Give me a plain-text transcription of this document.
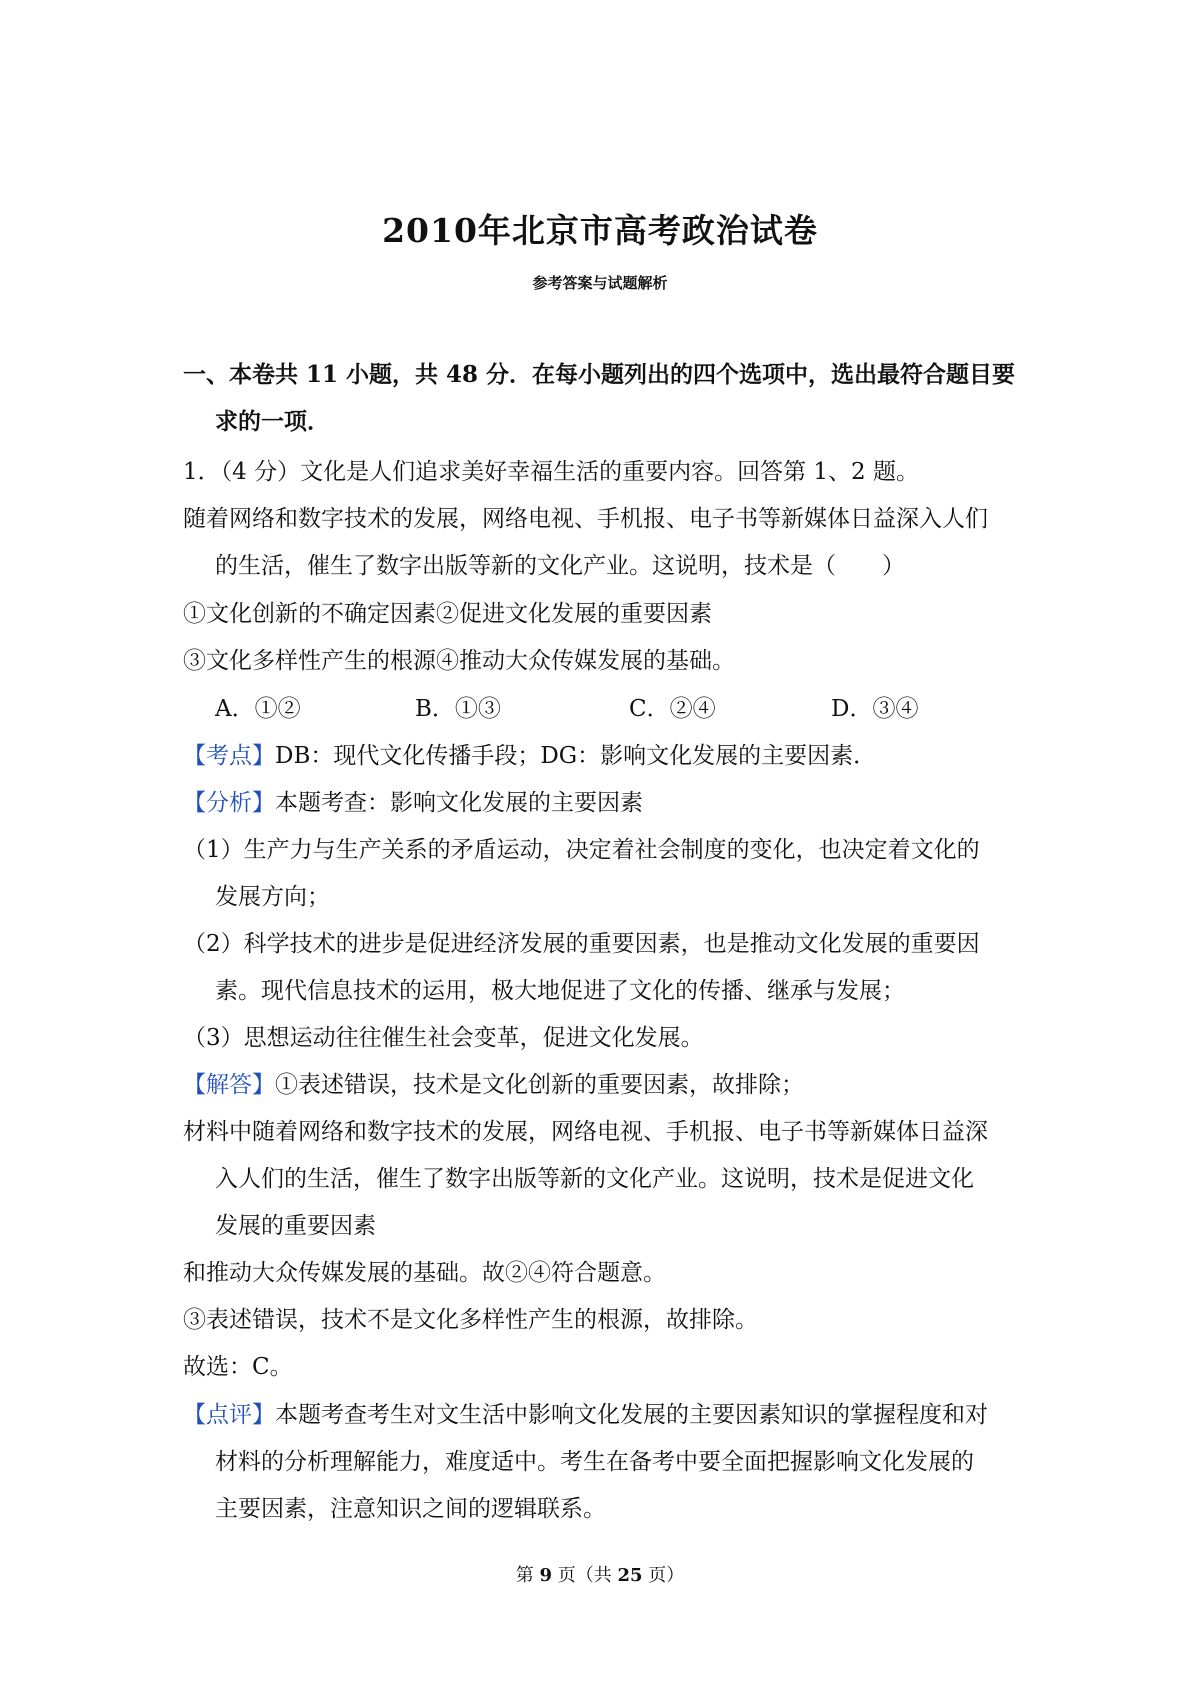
2010年北京市高考政治试卷
参考答案与试题解析
一、本卷共 11 小题，共 48 分．在每小题列出的四个选项中，选出最符合题目要
求的一项．
1．（4 分）文化是人们追求美好幸福生活的重要内容。回答第 1、2 题。
随着网络和数字技术的发展，网络电视、手机报、电子书等新媒体日益深入人们
的生活，催生了数字出版等新的文化产业。这说明，技术是（　　）
①文化创新的不确定因素②促进文化发展的重要因素
③文化多样性产生的根源④推动大众传媒发展的基础。
A．①②	B．①③	C．②④	D．③④
【考点】DB：现代文化传播手段；DG：影响文化发展的主要因素．
【分析】本题考查：影响文化发展的主要因素
（1）生产力与生产关系的矛盾运动，决定着社会制度的变化，也决定着文化的
发展方向；
（2）科学技术的进步是促进经济发展的重要因素，也是推动文化发展的重要因
素。现代信息技术的运用，极大地促进了文化的传播、继承与发展；
（3）思想运动往往催生社会变革，促进文化发展。
【解答】①表述错误，技术是文化创新的重要因素，故排除；
材料中随着网络和数字技术的发展，网络电视、手机报、电子书等新媒体日益深
入人们的生活，催生了数字出版等新的文化产业。这说明，技术是促进文化
发展的重要因素
和推动大众传媒发展的基础。故②④符合题意。
③表述错误，技术不是文化多样性产生的根源，故排除。
故选：C。
【点评】本题考查考生对文生活中影响文化发展的主要因素知识的掌握程度和对
材料的分析理解能力，难度适中。考生在备考中要全面把握影响文化发展的
主要因素，注意知识之间的逻辑联系。
第 9 页（共 25 页）
